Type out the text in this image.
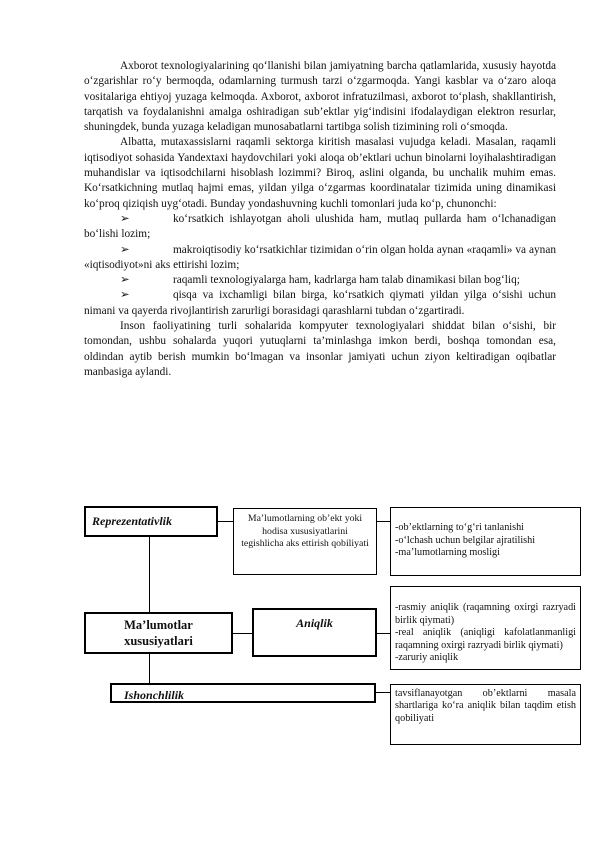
Axborot texnologiyalarining qo‘llanishi bilan jamiyatning barcha qatlamlarida, xususiy hayotda o‘zgarishlar ro‘y bermoqda, odamlarning turmush tarzi o‘zgarmoqda. Yangi kasblar va o‘zaro aloqa vositalariga ehtiyoj yuzaga kelmoqda. Axborot, axborot infratuzilmasi, axborot to‘plash, shakllantirish, tarqatish va foydalanishni amalga oshiradigan sub’ektlar yig‘indisini ifodalaydigan elektron resurlar, shuningdek, bunda yuzaga keladigan munosabatlarni tartibga solish tizimining roli o‘smoqda.

Albatta, mutaxassislarni raqamli sektorga kiritish masalasi vujudga keladi. Masalan, raqamli iqtisodiyot sohasida Yandextaxi haydovchilari yoki aloqa ob’ektlari uchun binolarni loyihalashtiradigan muhandislar va iqtisodchilarni hisoblash lozimmi? Biroq, aslini olganda, bu unchalik muhim emas. Ko‘rsatkichning mutlaq hajmi emas, yildan yilga o‘zgarmas koordinatalar tizimida uning dinamikasi ko‘proq qiziqish uyg‘otadi. Bunday yondashuvning kuchli tomonlari juda ko‘p, chunonchi:

➢	ko‘rsatkich ishlayotgan aholi ulushida ham, mutlaq pullarda ham o‘lchanadigan bo‘lishi lozim;

➢	makroiqtisodiy ko‘rsatkichlar tizimidan o‘rin olgan holda aynan «raqamli» va aynan «iqtisodiyot»ni aks ettirishi lozim;

➢	raqamli texnologiyalarga ham, kadrlarga ham talab dinamikasi bilan bog‘liq;

➢	qisqa va ixchamligi bilan birga, ko‘rsatkich qiymati yildan yilga o‘sishi uchun nimani va qayerda rivojlantirish zarurligi borasidagi qarashlarni tubdan o‘zgartiradi.

Inson faoliyatining turli sohalarida kompyuter texnologiyalari shiddat bilan o‘sishi, bir tomondan, ushbu sohalarda yuqori yutuqlarni ta’minlashga imkon berdi, boshqa tomondan esa, oldindan aytib berish mumkin bo‘lmagan va insonlar jamiyati uchun ziyon keltiradigan oqibatlar manbasiga aylandi.

Reprezentativlik	Ma’lumotlarning ob’ekt yoki hodisa xususiyatlarini tegishlicha aks ettirish qobiliyati

-ob’ektlarning to‘g‘ri tanlanishi
-o‘lchash uchun belgilar ajratilishi
-ma’lumotlarning mosligi

Ma’lumotlar xususiyatlari
Aniqlik

-rasmiy aniqlik (raqamning oxirgi razryadi birlik qiymati)
-real aniqlik (aniqligi kafolatlanmanligi raqamning oxirgi razryadi birlik qiymati)
-zaruriy aniqlik

Ishonchlilik	tavsiflanayotgan ob’ektlarni masala shartlariga ko‘ra aniqlik bilan taqdim etish qobiliyati
